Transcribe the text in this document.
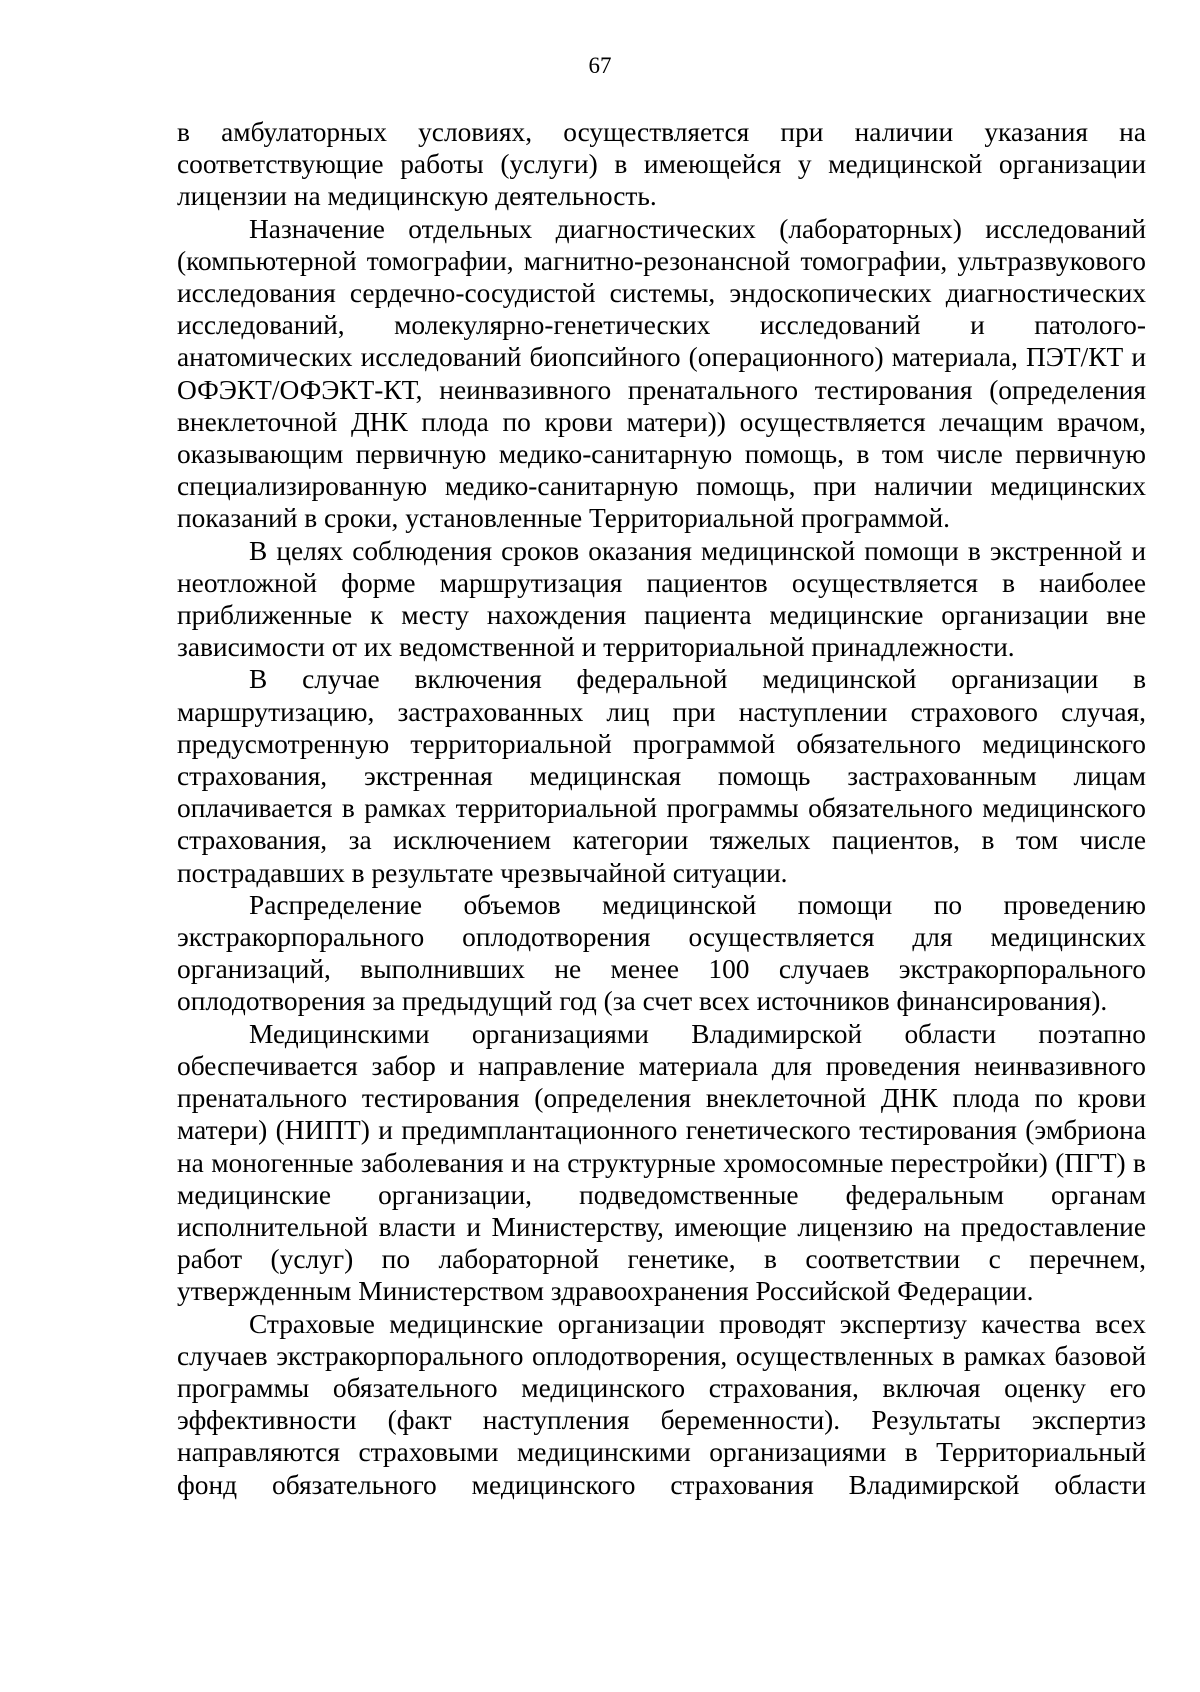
67

в амбулаторных условиях, осуществляется при наличии указания на соответствующие работы (услуги) в имеющейся у медицинской организации лицензии на медицинскую деятельность.

Назначение отдельных диагностических (лабораторных) исследований (компьютерной томографии, магнитно-резонансной томографии, ультразвукового исследования сердечно-сосудистой системы, эндоскопических диагностических исследований, молекулярно-генетических исследований и патолого-анатомических исследований биопсийного (операционного) материала, ПЭТ/КТ и ОФЭКТ/ОФЭКТ-КТ, неинвазивного пренатального тестирования (определения внеклеточной ДНК плода по крови матери)) осуществляется лечащим врачом, оказывающим первичную медико-санитарную помощь, в том числе первичную специализированную медико-санитарную помощь, при наличии медицинских показаний в сроки, установленные Территориальной программой.

В целях соблюдения сроков оказания медицинской помощи в экстренной и неотложной форме маршрутизация пациентов осуществляется в наиболее приближенные к месту нахождения пациента медицинские организации вне зависимости от их ведомственной и территориальной принадлежности.

В случае включения федеральной медицинской организации в маршрутизацию, застрахованных лиц при наступлении страхового случая, предусмотренную территориальной программой обязательного медицинского страхования, экстренная медицинская помощь застрахованным лицам оплачивается в рамках территориальной программы обязательного медицинского страхования, за исключением категории тяжелых пациентов, в том числе пострадавших в результате чрезвычайной ситуации.

Распределение объемов медицинской помощи по проведению экстракорпорального оплодотворения осуществляется для медицинских организаций, выполнивших не менее 100 случаев экстракорпорального оплодотворения за предыдущий год (за счет всех источников финансирования).

Медицинскими организациями Владимирской области поэтапно обеспечивается забор и направление материала для проведения неинвазивного пренатального тестирования (определения внеклеточной ДНК плода по крови матери) (НИПТ) и предимплантационного генетического тестирования (эмбриона на моногенные заболевания и на структурные хромосомные перестройки) (ПГТ) в медицинские организации, подведомственные федеральным органам исполнительной власти и Министерству, имеющие лицензию на предоставление работ (услуг) по лабораторной генетике, в соответствии с перечнем, утвержденным Министерством здравоохранения Российской Федерации.

Страховые медицинские организации проводят экспертизу качества всех случаев экстракорпорального оплодотворения, осуществленных в рамках базовой программы обязательного медицинского страхования, включая оценку его эффективности (факт наступления беременности). Результаты экспертиз направляются страховыми медицинскими организациями в Территориальный фонд обязательного медицинского страхования Владимирской области
